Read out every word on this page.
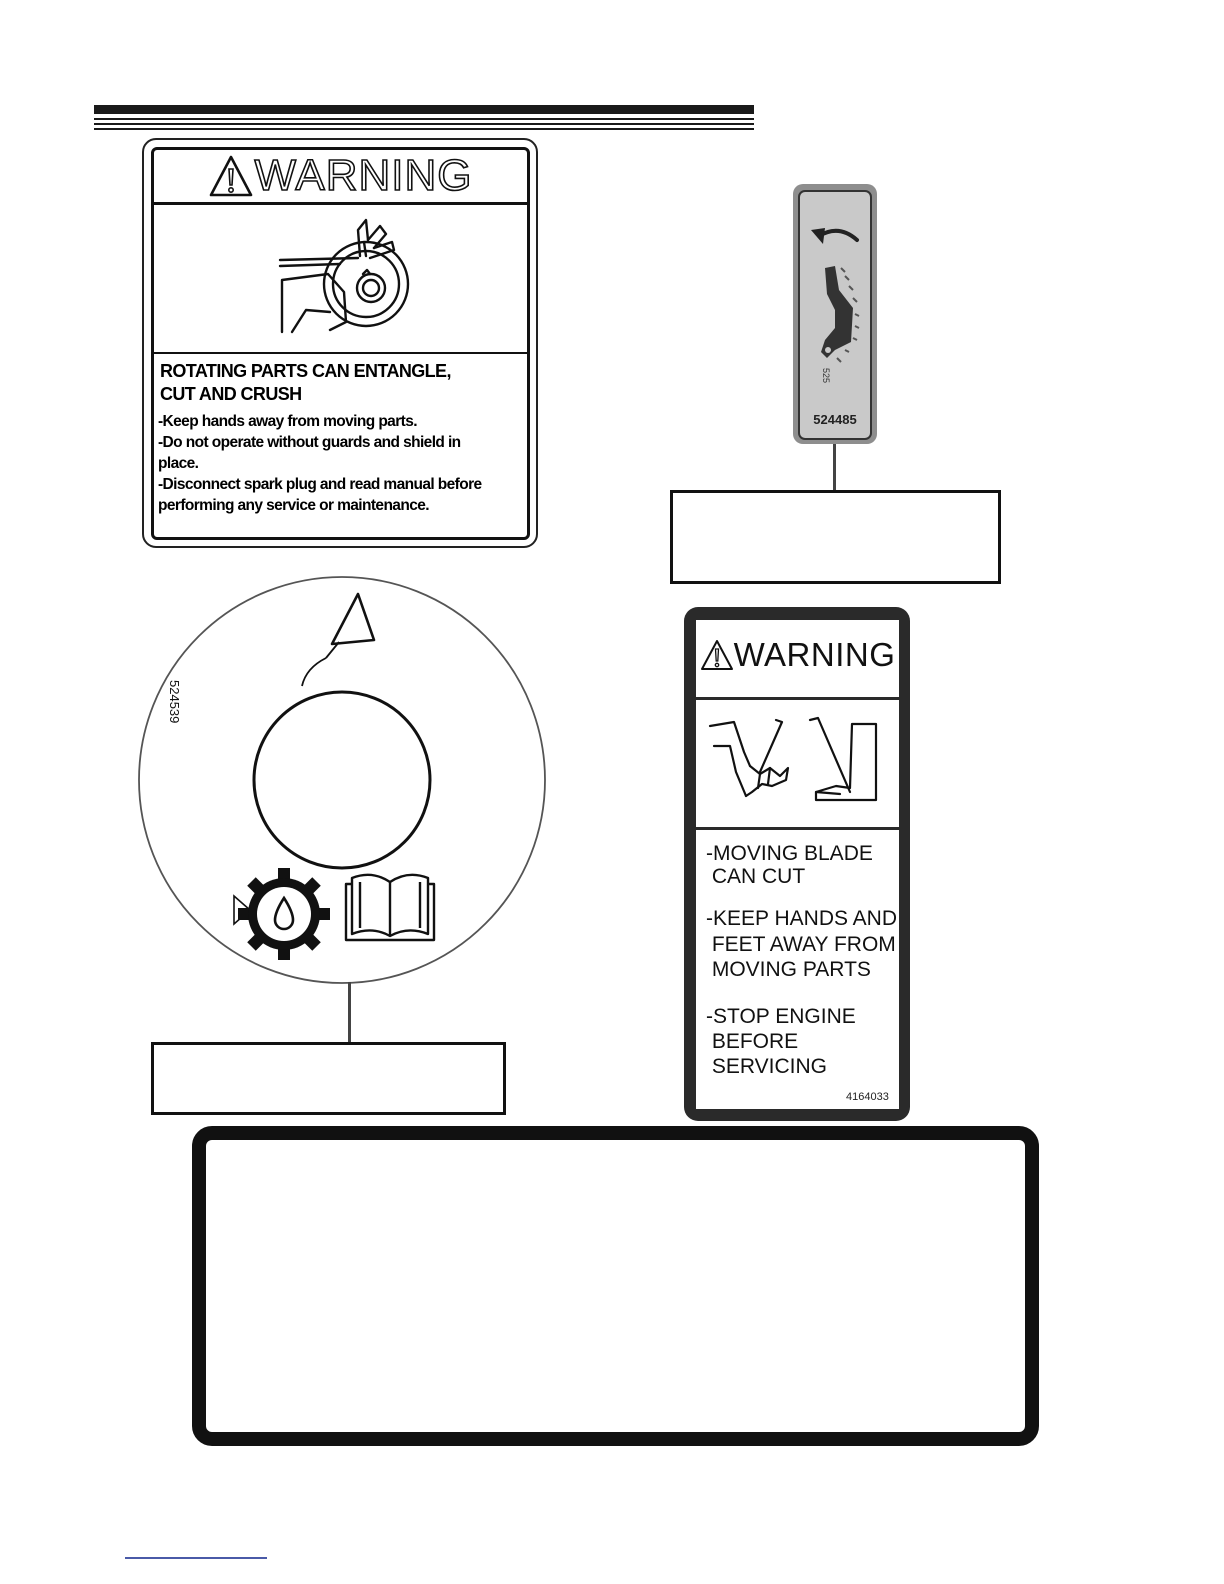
WARNING
ROTATING PARTS CAN ENTANGLE,
CUT AND CRUSH
-Keep hands away from moving parts.
-Do not operate without guards and shield in
place.
-Disconnect spark plug and read manual before
performing any service or maintenance.
525
524485
524539
WARNING
-MOVING BLADE
CAN CUT
-KEEP HANDS AND
FEET AWAY FROM
MOVING PARTS
-STOP ENGINE
BEFORE
SERVICING
4164033
